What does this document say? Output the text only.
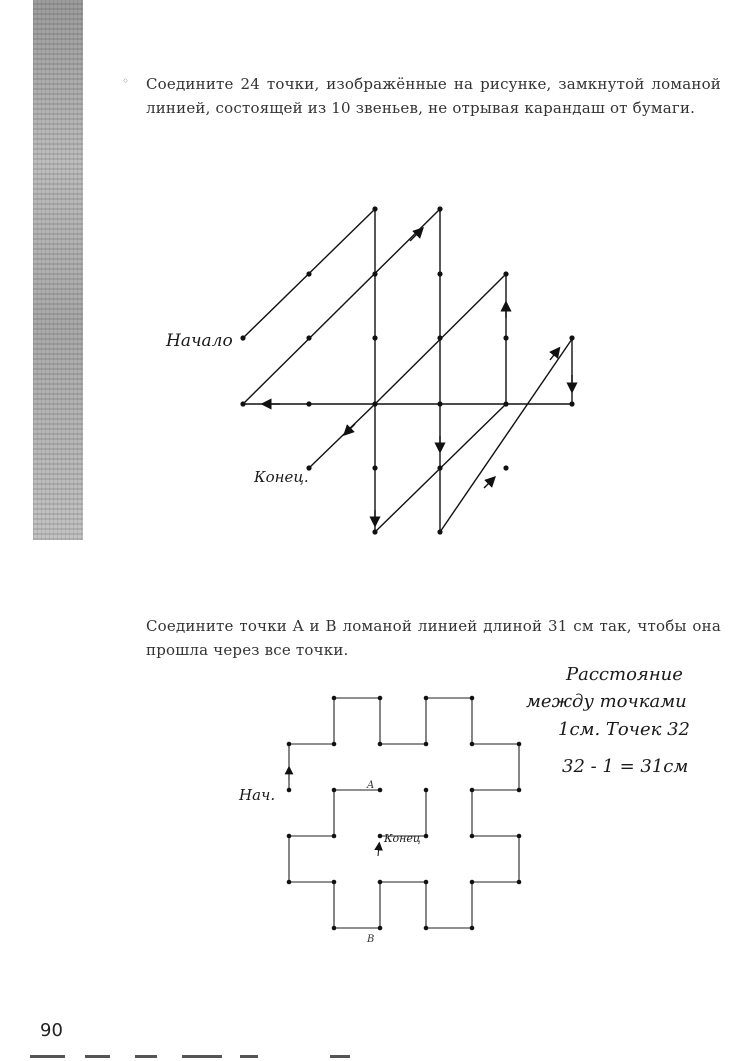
◦ Соедините 24 точки, изображённые на рисунке, замкнутой ломаной линией, состоящей из 10 звеньев, не отрывая карандаш от бумаги.
Начало
Конец.
A
B
Нач.
Конец
Расстояние
между точками
1см. Точек 32
32 - 1 = 31см
Соедините точки A и B ломаной линией длиной 31 см так, чтобы она прошла через все точки.
90
